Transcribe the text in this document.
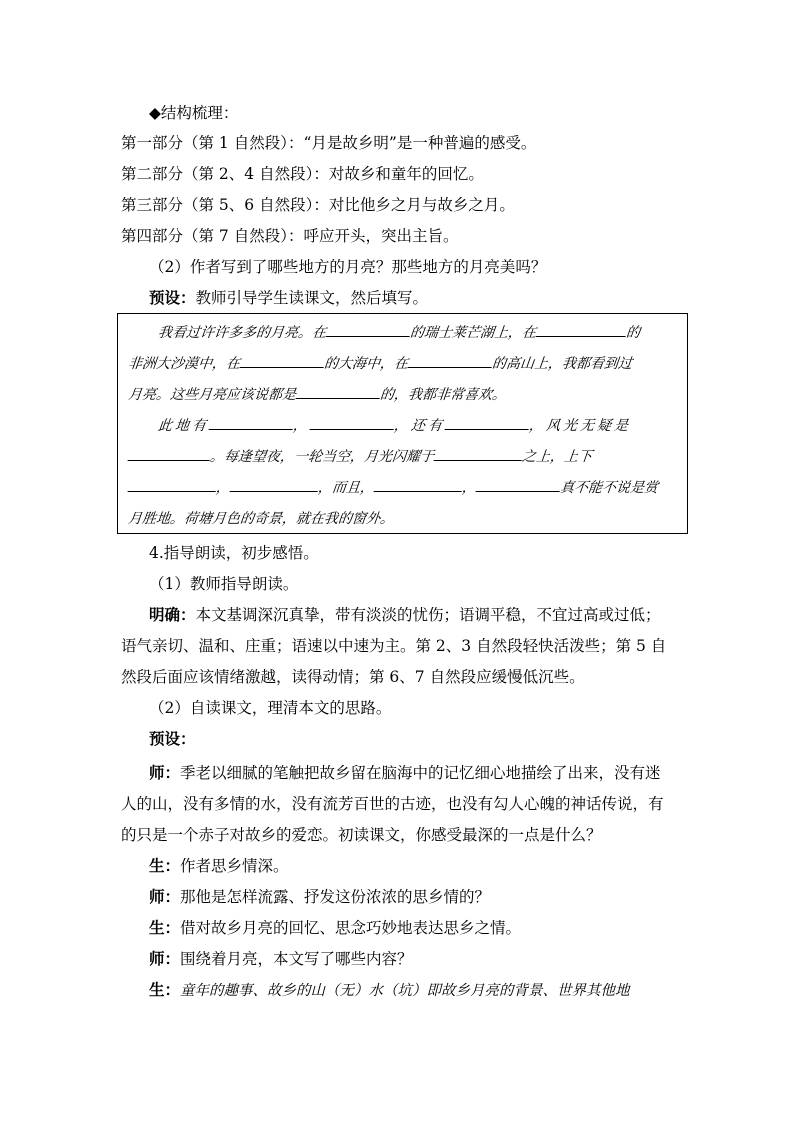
◆结构梳理：
第一部分（第 1 自然段）：“月是故乡明”是一种普遍的感受。
第二部分（第 2、4 自然段）：对故乡和童年的回忆。
第三部分（第 5、6 自然段）：对比他乡之月与故乡之月。
第四部分（第 7 自然段）：呼应开头，突出主旨。
（2）作者写到了哪些地方的月亮？那些地方的月亮美吗？
预设：教师引导学生读课文，然后填写。
我看过许许多多的月亮。在	的瑞士莱芒湖上，在	的
非洲大沙漠中，在	的大海中，在	的高山上，我都看到过
月亮。这些月亮应该说都是	的，我都非常喜欢。
此地有	，	，还有	，风光无疑是
。每逢望夜，一轮当空，月光闪耀于	之上，上下
，	，而且，	，	真不能不说是赏
月胜地。荷塘月色的奇景，就在我的窗外。
4.指导朗读，初步感悟。
（1）教师指导朗读。
明确：本文基调深沉真挚，带有淡淡的忧伤；语调平稳，不宜过高或过低；
语气亲切、温和、庄重；语速以中速为主。第 2、3 自然段轻快活泼些；第 5 自
然段后面应该情绪激越，读得动情；第 6、7 自然段应缓慢低沉些。
（2）自读课文，理清本文的思路。
预设：
师：季老以细腻的笔触把故乡留在脑海中的记忆细心地描绘了出来，没有迷
人的山，没有多情的水，没有流芳百世的古迹，也没有勾人心魄的神话传说，有
的只是一个赤子对故乡的爱恋。初读课文，你感受最深的一点是什么？
生：作者思乡情深。
师：那他是怎样流露、抒发这份浓浓的思乡情的？
生：借对故乡月亮的回忆、思念巧妙地表达思乡之情。
师：围绕着月亮，本文写了哪些内容？
生：童年的趣事、故乡的山（无）水（坑）即故乡月亮的背景、世界其他地
